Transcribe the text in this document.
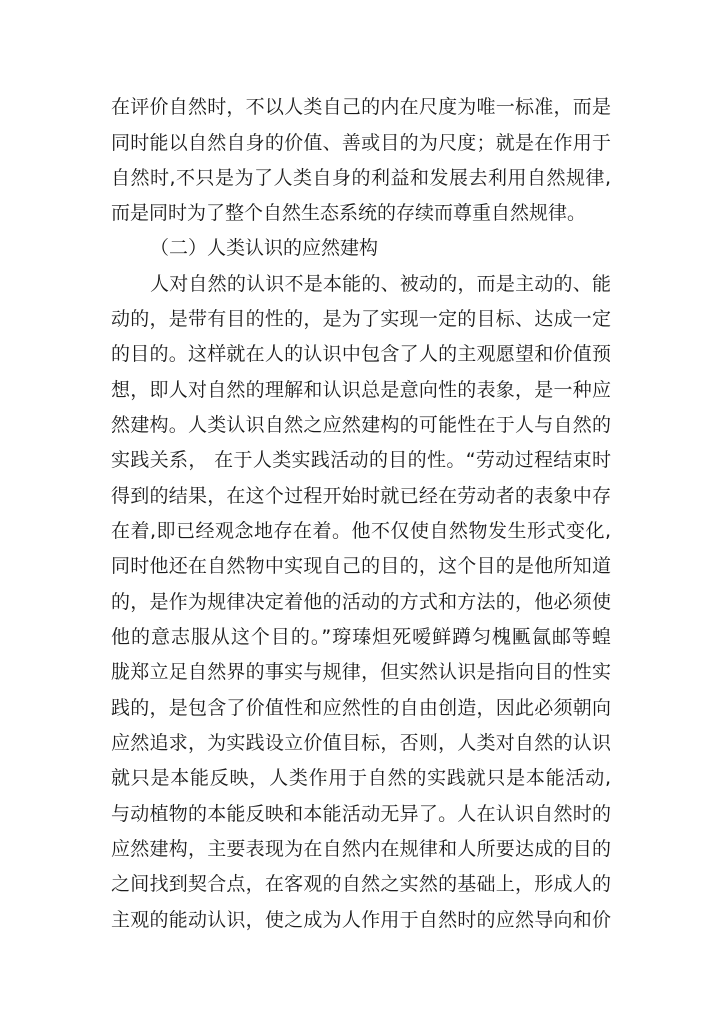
在评价自然时，不以人类自己的内在尺度为唯一标准，而是
同时能以自然自身的价值、善或目的为尺度；就是在作用于
自然时,不只是为了人类自身的利益和发展去利用自然规律,
而是同时为了整个自然生态系统的存续而尊重自然规律。
（二）人类认识的应然建构
人对自然的认识不是本能的、被动的，而是主动的、能
动的，是带有目的性的，是为了实现一定的目标、达成一定
的目的。这样就在人的认识中包含了人的主观愿望和价值预
想，即人对自然的理解和认识总是意向性的表象，是一种应
然建构。人类认识自然之应然建构的可能性在于人与自然的
实践关系， 在于人类实践活动的目的性。“劳动过程结束时
得到的结果，在这个过程开始时就已经在劳动者的表象中存
在着,即已经观念地存在着。他不仅使自然物发生形式变化,
同时他还在自然物中实现自己的目的，这个目的是他所知道
的，是作为规律决定着他的活动的方式和方法的，他必须使
他的意志服从这个目的。”瑏瑧炟死嗳鲜蹲匀槐匭氤邮等蝗
胧郑立足自然界的事实与规律，但实然认识是指向目的性实
践的，是包含了价值性和应然性的自由创造，因此必须朝向
应然追求，为实践设立价值目标，否则，人类对自然的认识
就只是本能反映，人类作用于自然的实践就只是本能活动,
与动植物的本能反映和本能活动无异了。人在认识自然时的
应然建构，主要表现为在自然内在规律和人所要达成的目的
之间找到契合点，在客观的自然之实然的基础上，形成人的
主观的能动认识，使之成为人作用于自然时的应然导向和价
